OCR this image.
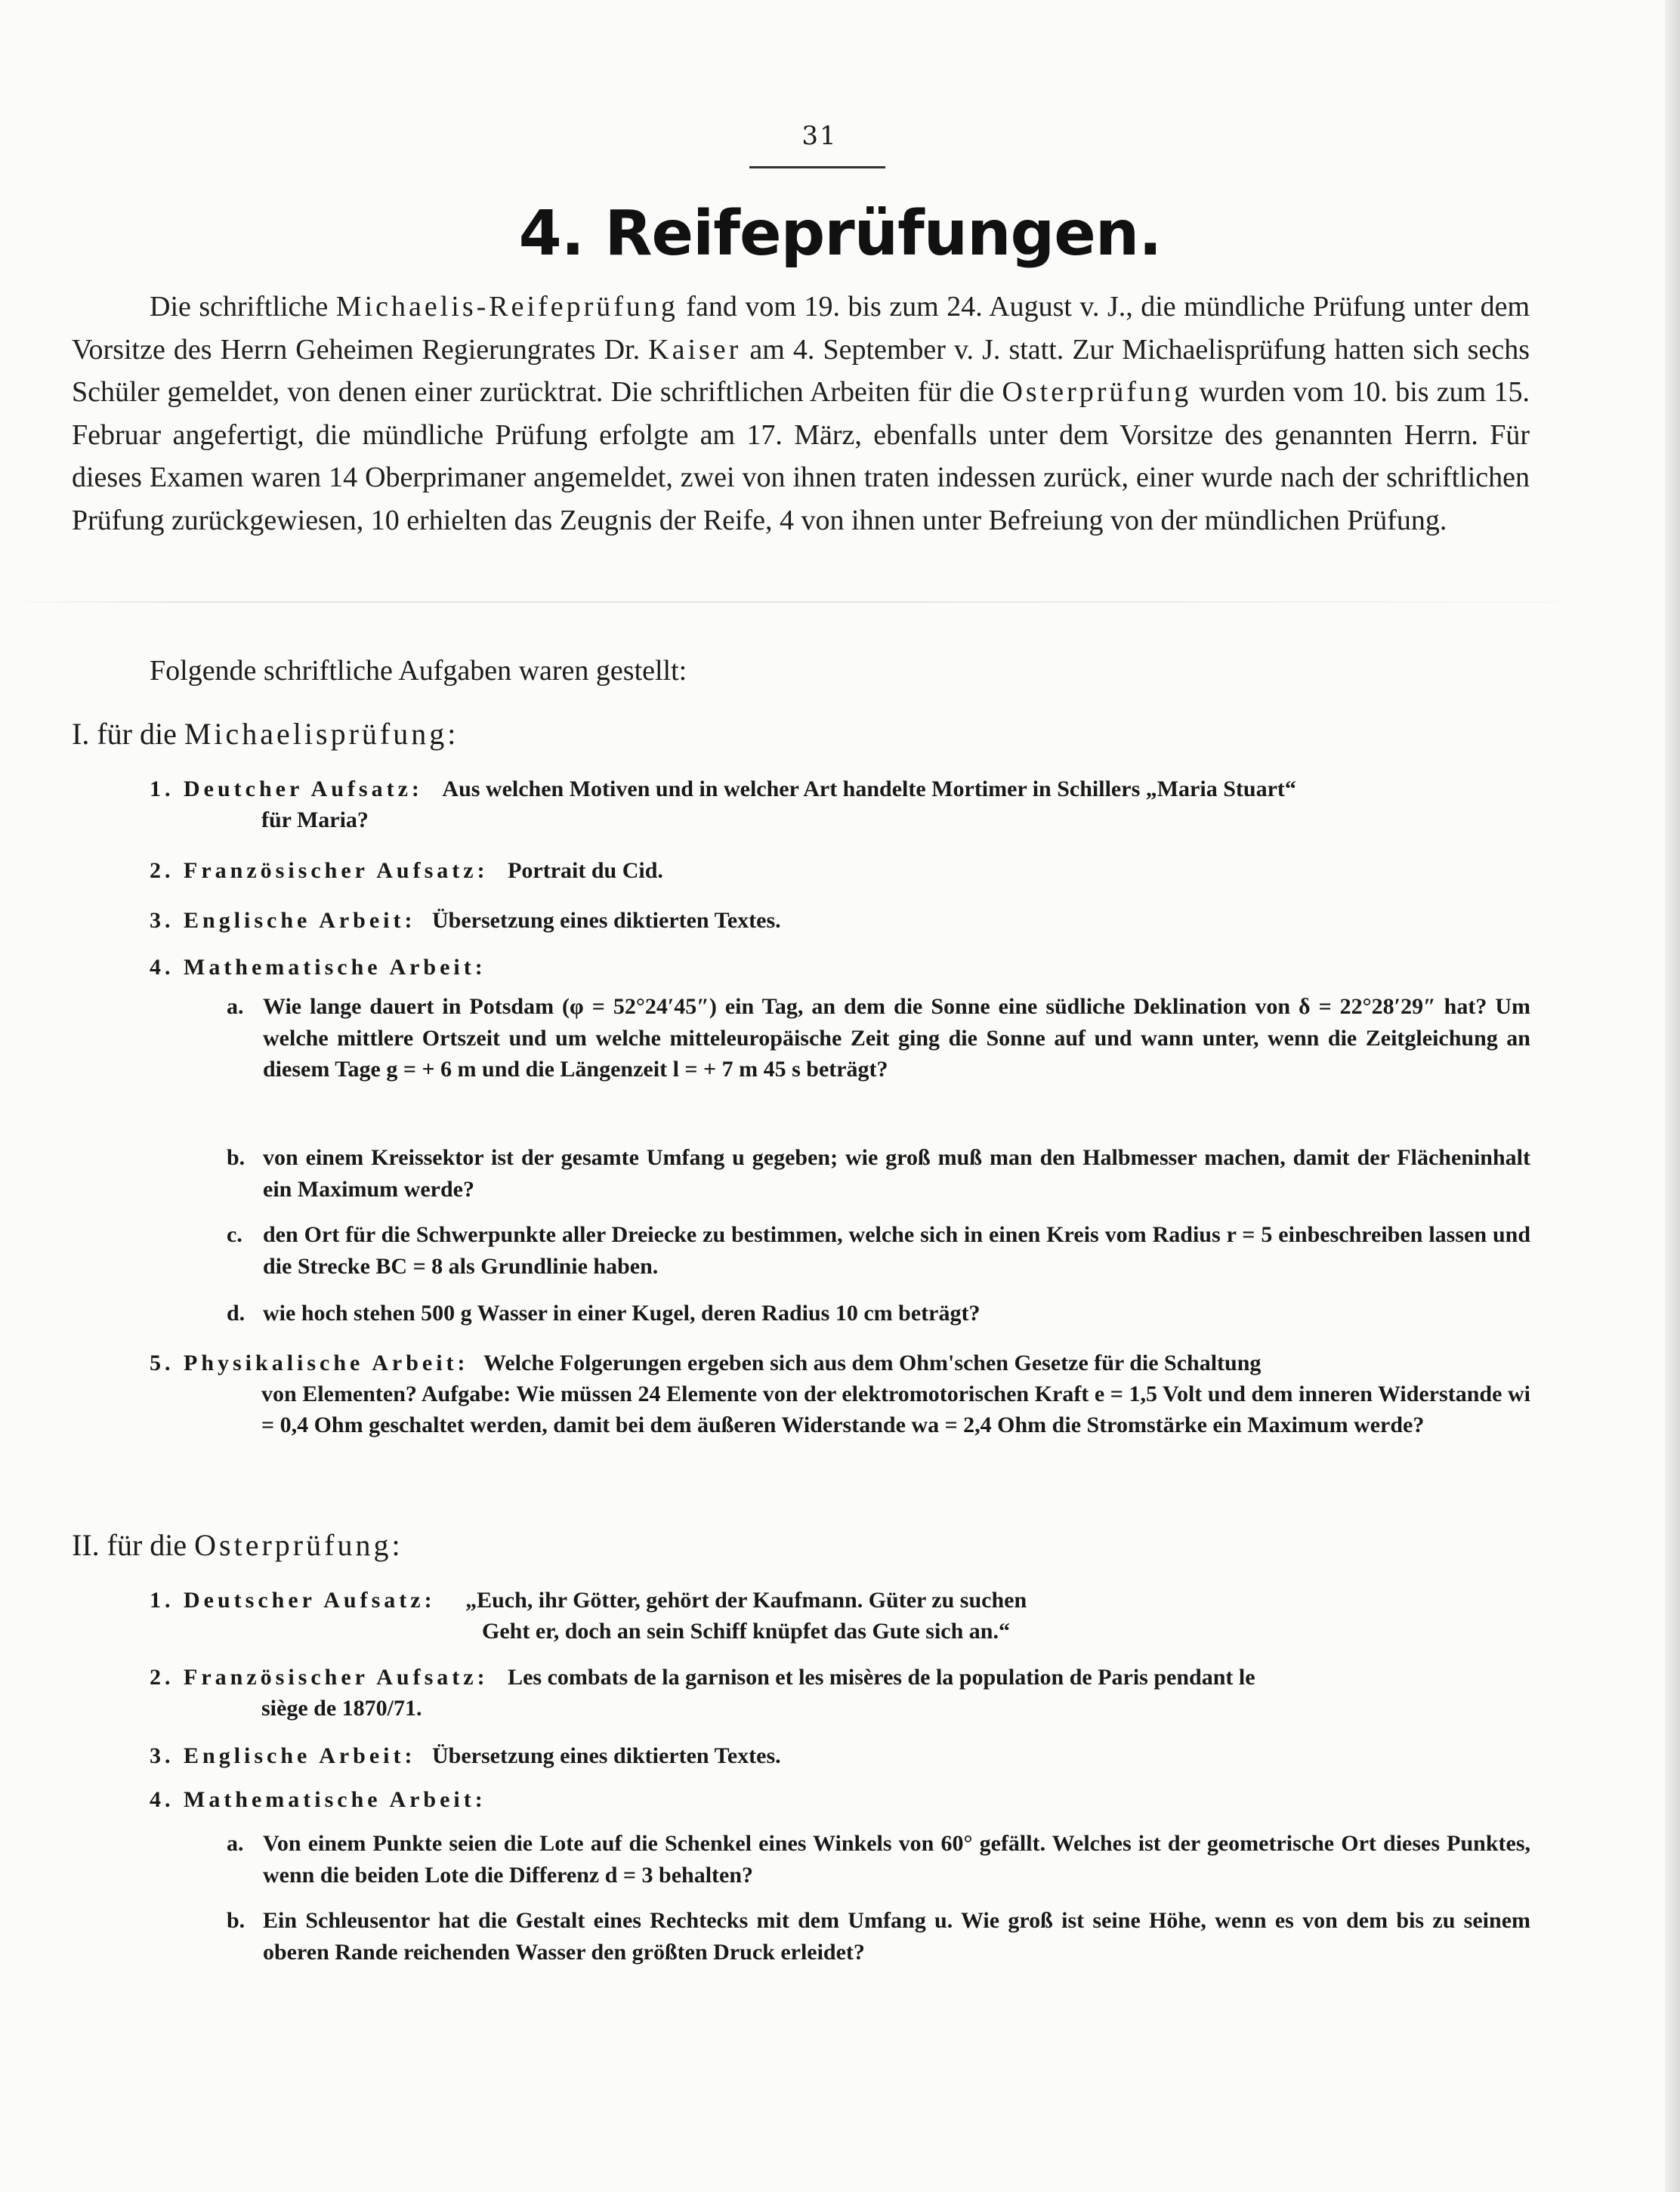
31
4. Reifeprüfungen.
Die schriftliche Michaelis-Reifeprüfung fand vom 19. bis zum 24. August v. J., die mündliche Prüfung unter dem Vorsitze des Herrn Geheimen Regierungrates Dr. Kaiser am 4. September v. J. statt. Zur Michaelisprüfung hatten sich sechs Schüler gemeldet, von denen einer zurücktrat. Die schriftlichen Arbeiten für die Osterprüfung wurden vom 10. bis zum 15. Februar angefertigt, die mündliche Prüfung erfolgte am 17. März, ebenfalls unter dem Vorsitze des genannten Herrn. Für dieses Examen waren 14 Oberprimaner angemeldet, zwei von ihnen traten indessen zurück, einer wurde nach der schriftlichen Prüfung zurückgewiesen, 10 erhielten das Zeugnis der Reife, 4 von ihnen unter Befreiung von der mündlichen Prüfung.
Folgende schriftliche Aufgaben waren gestellt:
I. für die Michaelisprüfung:
1. Deutcher Aufsatz: Aus welchen Motiven und in welcher Art handelte Mortimer in Schillers „Maria Stuart“
für Maria?
2. Französischer Aufsatz: Portrait du Cid.
3. Englische Arbeit: Übersetzung eines diktierten Textes.
4. Mathematische Arbeit:
a. Wie lange dauert in Potsdam (φ = 52°24′45″) ein Tag, an dem die Sonne eine südliche Deklination von δ = 22°28′29″ hat? Um welche mittlere Ortszeit und um welche mitteleuropäische Zeit ging die Sonne auf und wann unter, wenn die Zeitgleichung an diesem Tage g = + 6 m und die Längenzeit l = + 7 m 45 s beträgt?
b. von einem Kreissektor ist der gesamte Umfang u gegeben; wie groß muß man den Halbmesser machen, damit der Flächeninhalt ein Maximum werde?
c. den Ort für die Schwerpunkte aller Dreiecke zu bestimmen, welche sich in einen Kreis vom Radius r = 5 einbeschreiben lassen und die Strecke BC = 8 als Grundlinie haben.
d. wie hoch stehen 500 g Wasser in einer Kugel, deren Radius 10 cm beträgt?
5. Physikalische Arbeit: Welche Folgerungen ergeben sich aus dem Ohm'schen Gesetze für die Schaltung
von Elementen? Aufgabe: Wie müssen 24 Elemente von der elektromotorischen Kraft e = 1,5 Volt und dem inneren Widerstande wi = 0,4 Ohm geschaltet werden, damit bei dem äußeren Widerstande wa = 2,4 Ohm die Stromstärke ein Maximum werde?
II. für die Osterprüfung:
1. Deutscher Aufsatz: „Euch, ihr Götter, gehört der Kaufmann. Güter zu suchen
Geht er, doch an sein Schiff knüpfet das Gute sich an.“
2. Französischer Aufsatz: Les combats de la garnison et les misères de la population de Paris pendant le
siège de 1870/71.
3. Englische Arbeit: Übersetzung eines diktierten Textes.
4. Mathematische Arbeit:
a. Von einem Punkte seien die Lote auf die Schenkel eines Winkels von 60° gefällt. Welches ist der geometrische Ort dieses Punktes, wenn die beiden Lote die Differenz d = 3 behalten?
b. Ein Schleusentor hat die Gestalt eines Rechtecks mit dem Umfang u. Wie groß ist seine Höhe, wenn es von dem bis zu seinem oberen Rande reichenden Wasser den größten Druck erleidet?
